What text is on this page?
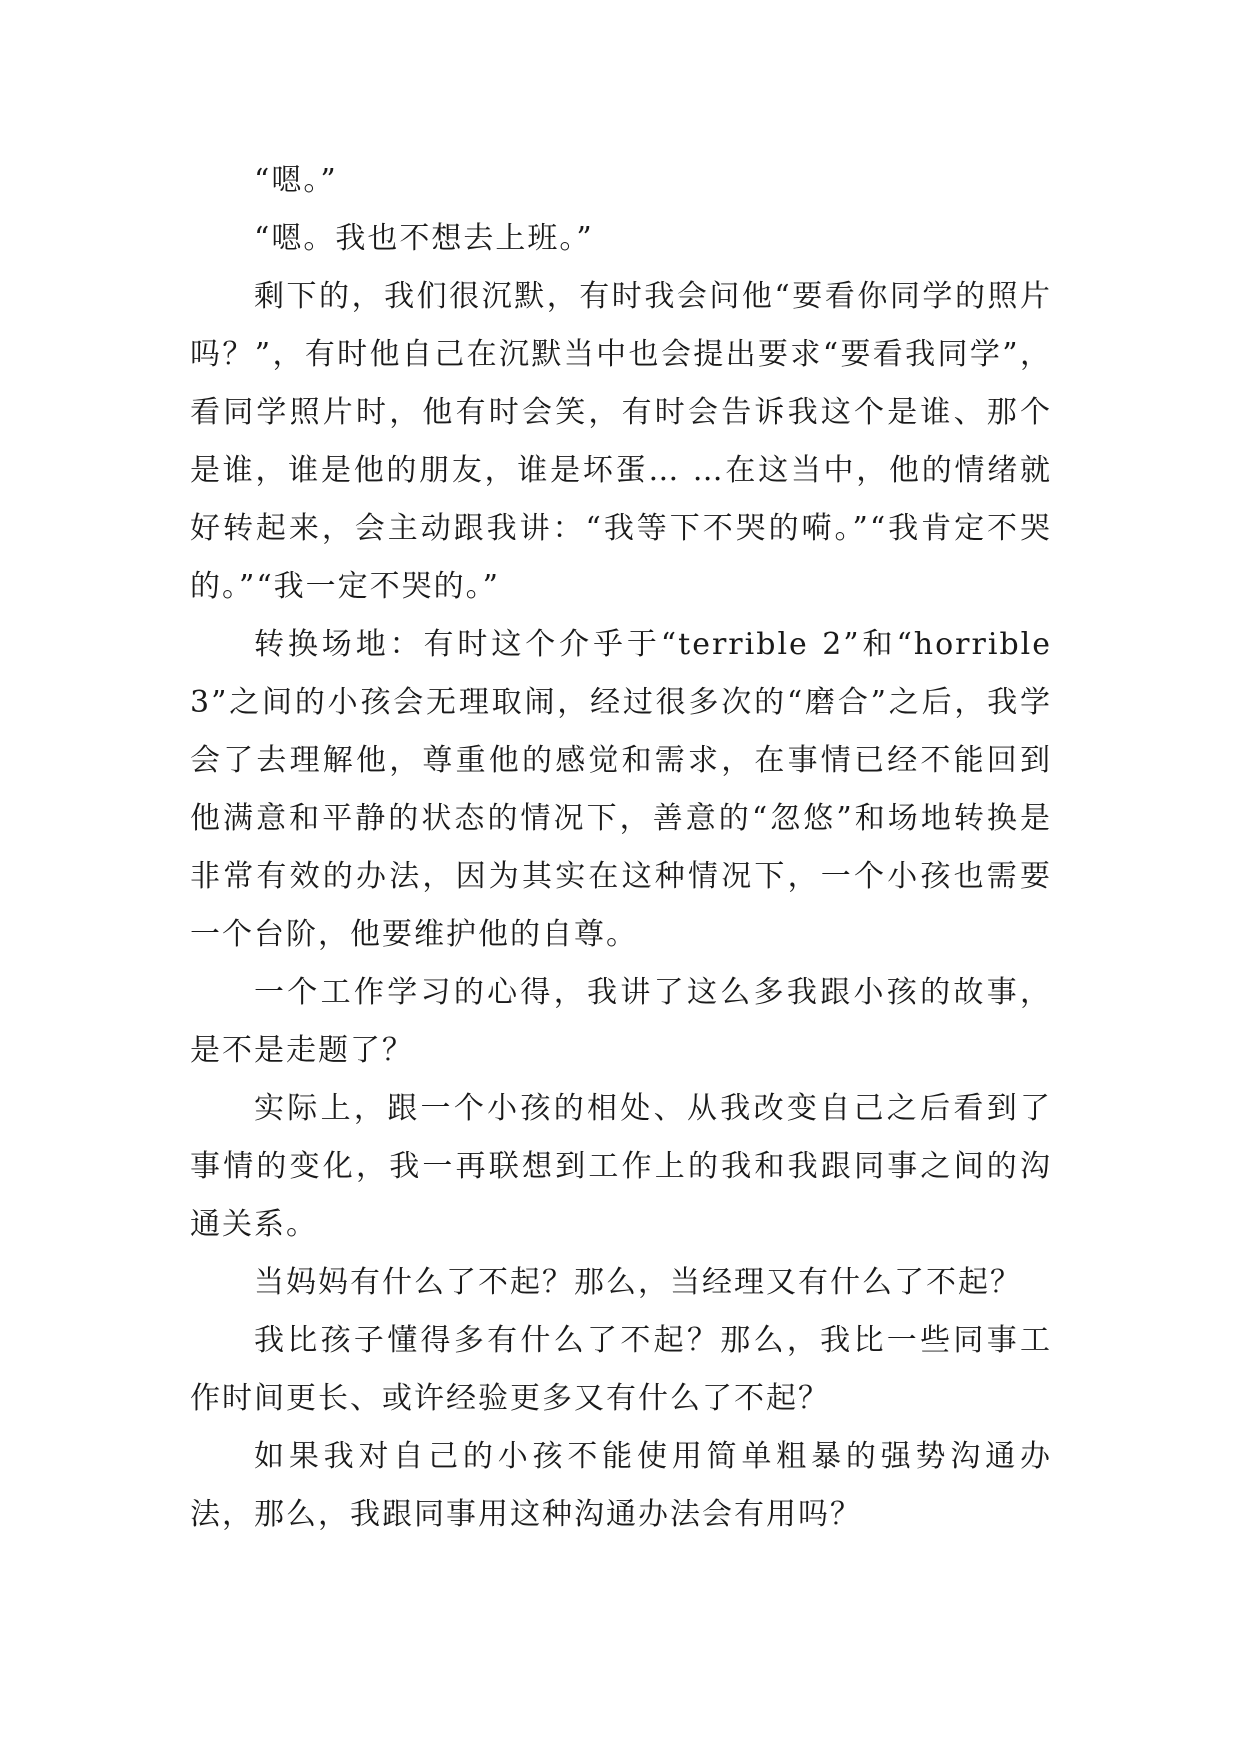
“嗯。”

“嗯。我也不想去上班。”

剩下的，我们很沉默，有时我会问他“要看你同学的照片吗？”，有时他自己在沉默当中也会提出要求“要看我同学”，看同学照片时，他有时会笑，有时会告诉我这个是谁、那个是谁，谁是他的朋友，谁是坏蛋… …在这当中，他的情绪就好转起来，会主动跟我讲：“我等下不哭的嗬。”“我肯定不哭的。”“我一定不哭的。”

转换场地：有时这个介乎于“terrible 2”和“horrible 3”之间的小孩会无理取闹，经过很多次的“磨合”之后，我学会了去理解他，尊重他的感觉和需求，在事情已经不能回到他满意和平静的状态的情况下，善意的“忽悠”和场地转换是非常有效的办法，因为其实在这种情况下，一个小孩也需要一个台阶，他要维护他的自尊。

一个工作学习的心得，我讲了这么多我跟小孩的故事，是不是走题了？

实际上，跟一个小孩的相处、从我改变自己之后看到了事情的变化，我一再联想到工作上的我和我跟同事之间的沟通关系。

当妈妈有什么了不起？那么，当经理又有什么了不起？

我比孩子懂得多有什么了不起？那么，我比一些同事工作时间更长、或许经验更多又有什么了不起？

如果我对自己的小孩不能使用简单粗暴的强势沟通办法，那么，我跟同事用这种沟通办法会有用吗？
